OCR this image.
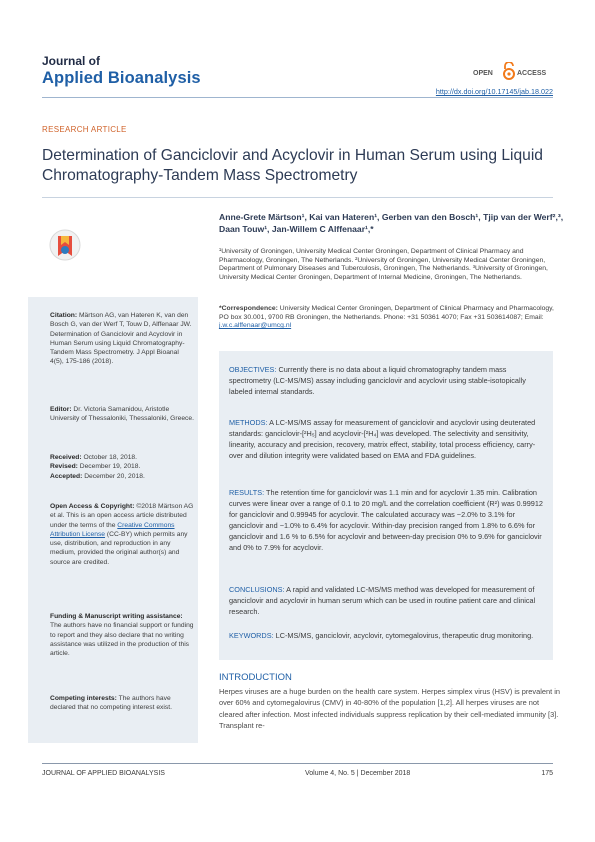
Journal of
Applied Bioanalysis	OPEN	ACCESS
http://dx.doi.org/10.17145/jab.18.022
RESEARCH ARTICLE
Determination of Ganciclovir and Acyclovir in Human Serum using Liquid Chromatography-Tandem Mass Spectrometry
Citation: Märtson AG, van Hateren K, van den Bosch G, van der Werf T, Touw D, Alffenaar JW. Determination of Ganciclovir and Acyclovir in Human Serum using Liquid Chromatography-Tandem Mass Spectrometry. J Appl Bioanal 4(5), 175-186 (2018).
Editor: Dr. Victoria Samanidou, Aristotle University of Thessaloniki, Thessaloniki, Greece.
Received: October 18, 2018.
Revised: December 19, 2018.
Accepted: December 20, 2018.
Open Access & Copyright: ©2018 Märtson AG et al. This is an open access article distributed under the terms of the Creative Commons Attribution License (CC-BY) which permits any use, distribution, and reproduction in any medium, provided the original author(s) and source are credited.
Funding & Manuscript writing assistance: The authors have no financial support or funding to report and they also declare that no writing assistance was utilized in the production of this article.
Competing interests: The authors have declared that no competing interest exist.
Anne-Grete Märtson¹, Kai van Hateren¹, Gerben van den Bosch¹, Tjip van der Werf²,³, Daan Touw¹, Jan-Willem C Alffenaar¹,*
¹University of Groningen, University Medical Center Groningen, Department of Clinical Pharmacy and Pharmacology, Groningen, The Netherlands. ²University of Groningen, University Medical Center Groningen, Department of Pulmonary Diseases and Tuberculosis, Groningen, The Netherlands. ³University of Groningen, University Medical Center Groningen, Department of Internal Medicine, Groningen, The Netherlands.
*Correspondence: University Medical Center Groningen, Department of Clinical Pharmacy and Pharmacology, PO box 30.001, 9700 RB Groningen, the Netherlands. Phone: +31 50361 4070; Fax +31 503614087; Email: j.w.c.alffenaar@umcg.nl
OBJECTIVES: Currently there is no data about a liquid chromatography tandem mass spectrometry (LC-MS/MS) assay including ganciclovir and acyclovir using stable-isotopically labeled internal standards.
METHODS: A LC-MS/MS assay for measurement of ganciclovir and acyclovir using deuterated standards: ganciclovir-[²H₅] and acyclovir-[²H₄] was developed. The selectivity and sensitivity, linearity, accuracy and precision, recovery, matrix effect, stability, total process efficiency, carry-over and dilution integrity were validated based on EMA and FDA guidelines.
RESULTS: The retention time for ganciclovir was 1.1 min and for acyclovir 1.35 min. Calibration curves were linear over a range of 0.1 to 20 mg/L and the correlation coefficient (R²) was 0.99912 for ganciclovir and 0.99945 for acyclovir. The calculated accuracy was −2.0% to 3.1% for ganciclovir and −1.0% to 6.4% for acyclovir. Within-day precision ranged from 1.8% to 6.6% for ganciclovir and 1.6 % to 6.5% for acyclovir and between-day precision 0% to 9.6% for ganciclovir and 0% to 7.9% for acyclovir.
CONCLUSIONS: A rapid and validated LC-MS/MS method was developed for measurement of ganciclovir and acyclovir in human serum which can be used in routine patient care and clinical research.
KEYWORDS: LC-MS/MS, ganciclovir, acyclovir, cytomegalovirus, therapeutic drug monitoring.
INTRODUCTION
Herpes viruses are a huge burden on the health care system. Herpes simplex virus (HSV) is prevalent in over 60% and cytomegalovirus (CMV) in 40-80% of the population [1,2]. All herpes viruses are not cleared after infection. Most infected individuals suppress replication by their cell-mediated immunity [3]. Transplant re-
JOURNAL OF APPLIED BIOANALYSIS	Volume 4, No. 5 | December 2018	175
